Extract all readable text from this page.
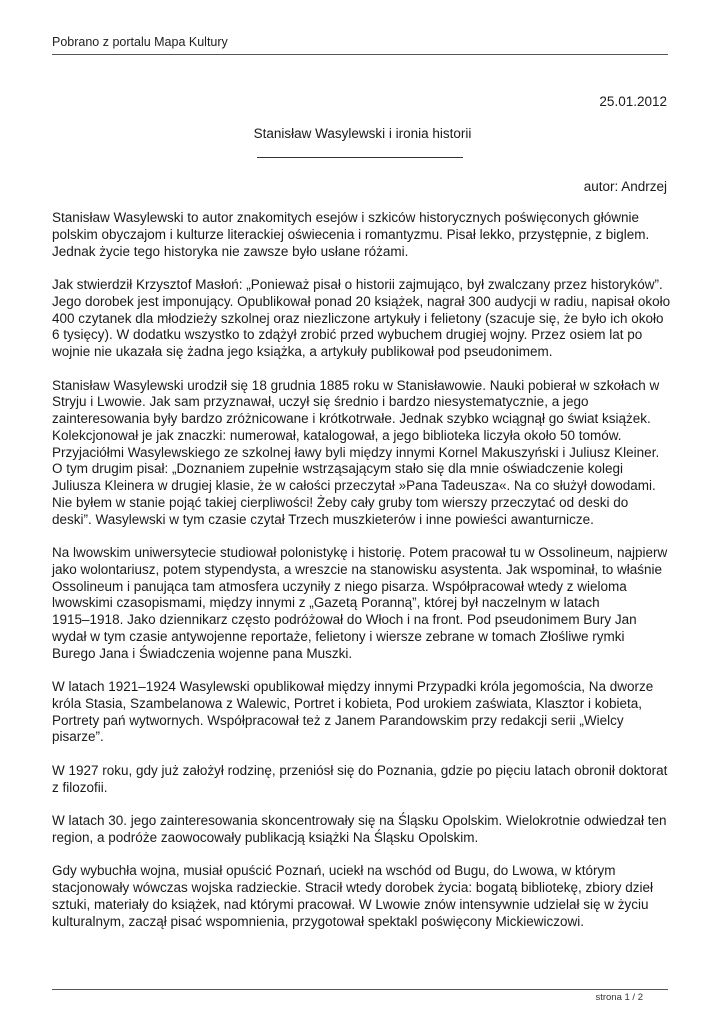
Pobrano z portalu Mapa Kultury
25.01.2012
Stanisław Wasylewski i ironia historii
autor: Andrzej

Stanisław Wasylewski to autor znakomitych esejów i szkiców historycznych poświęconych głównie
polskim obyczajom i kulturze literackiej oświecenia i romantyzmu. Pisał lekko, przystępnie, z biglem.
Jednak życie tego historyka nie zawsze było usłane różami.

Jak stwierdził Krzysztof Masłoń: „Ponieważ pisał o historii zajmująco, był zwalczany przez historyków”.
Jego dorobek jest imponujący. Opublikował ponad 20 książek, nagrał 300 audycji w radiu, napisał około
400 czytanek dla młodzieży szkolnej oraz niezliczone artykuły i felietony (szacuje się, że było ich około
6 tysięcy). W dodatku wszystko to zdążył zrobić przed wybuchem drugiej wojny. Przez osiem lat po
wojnie nie ukazała się żadna jego książka, a artykuły publikował pod pseudonimem.

Stanisław Wasylewski urodził się 18 grudnia 1885 roku w Stanisławowie. Nauki pobierał w szkołach w
Stryju i Lwowie. Jak sam przyznawał, uczył się średnio i bardzo niesystematycznie, a jego
zainteresowania były bardzo zróżnicowane i krótkotrwałe. Jednak szybko wciągnął go świat książek.
Kolekcjonował je jak znaczki: numerował, katalogował, a jego biblioteka liczyła około 50 tomów.
Przyjaciółmi Wasylewskiego ze szkolnej ławy byli między innymi Kornel Makuszyński i Juliusz Kleiner.
O tym drugim pisał: „Doznaniem zupełnie wstrząsającym stało się dla mnie oświadczenie kolegi
Juliusza Kleinera w drugiej klasie, że w całości przeczytał »Pana Tadeusza«. Na co służył dowodami.
Nie byłem w stanie pojąć takiej cierpliwości! Żeby cały gruby tom wierszy przeczytać od deski do
deski”. Wasylewski w tym czasie czytał Trzech muszkieterów i inne powieści awanturnicze.

Na lwowskim uniwersytecie studiował polonistykę i historię. Potem pracował tu w Ossolineum, najpierw
jako wolontariusz, potem stypendysta, a wreszcie na stanowisku asystenta. Jak wspominał, to właśnie
Ossolineum i panująca tam atmosfera uczyniły z niego pisarza. Współpracował wtedy z wieloma
lwowskimi czasopismami, między innymi z „Gazetą Poranną”, której był naczelnym w latach
1915–1918. Jako dziennikarz często podróżował do Włoch i na front. Pod pseudonimem Bury Jan
wydał w tym czasie antywojenne reportaże, felietony i wiersze zebrane w tomach Złośliwe rymki
Burego Jana i Świadczenia wojenne pana Muszki.

W latach 1921–1924 Wasylewski opublikował między innymi Przypadki króla jegomościa, Na dworze
króla Stasia, Szambelanowa z Walewic, Portret i kobieta, Pod urokiem zaświata, Klasztor i kobieta,
Portrety pań wytwornych. Współpracował też z Janem Parandowskim przy redakcji serii „Wielcy
pisarze”.

W 1927 roku, gdy już założył rodzinę, przeniósł się do Poznania, gdzie po pięciu latach obronił doktorat
z filozofii.

W latach 30. jego zainteresowania skoncentrowały się na Śląsku Opolskim. Wielokrotnie odwiedzał ten
region, a podróże zaowocowały publikacją książki Na Śląsku Opolskim.

Gdy wybuchła wojna, musiał opuścić Poznań, uciekł na wschód od Bugu, do Lwowa, w którym
stacjonowały wówczas wojska radzieckie. Stracił wtedy dorobek życia: bogatą bibliotekę, zbiory dzieł
sztuki, materiały do książek, nad którymi pracował. W Lwowie znów intensywnie udzielał się w życiu
kulturalnym, zaczął pisać wspomnienia, przygotował spektakl poświęcony Mickiewiczowi.

strona 1 / 2
